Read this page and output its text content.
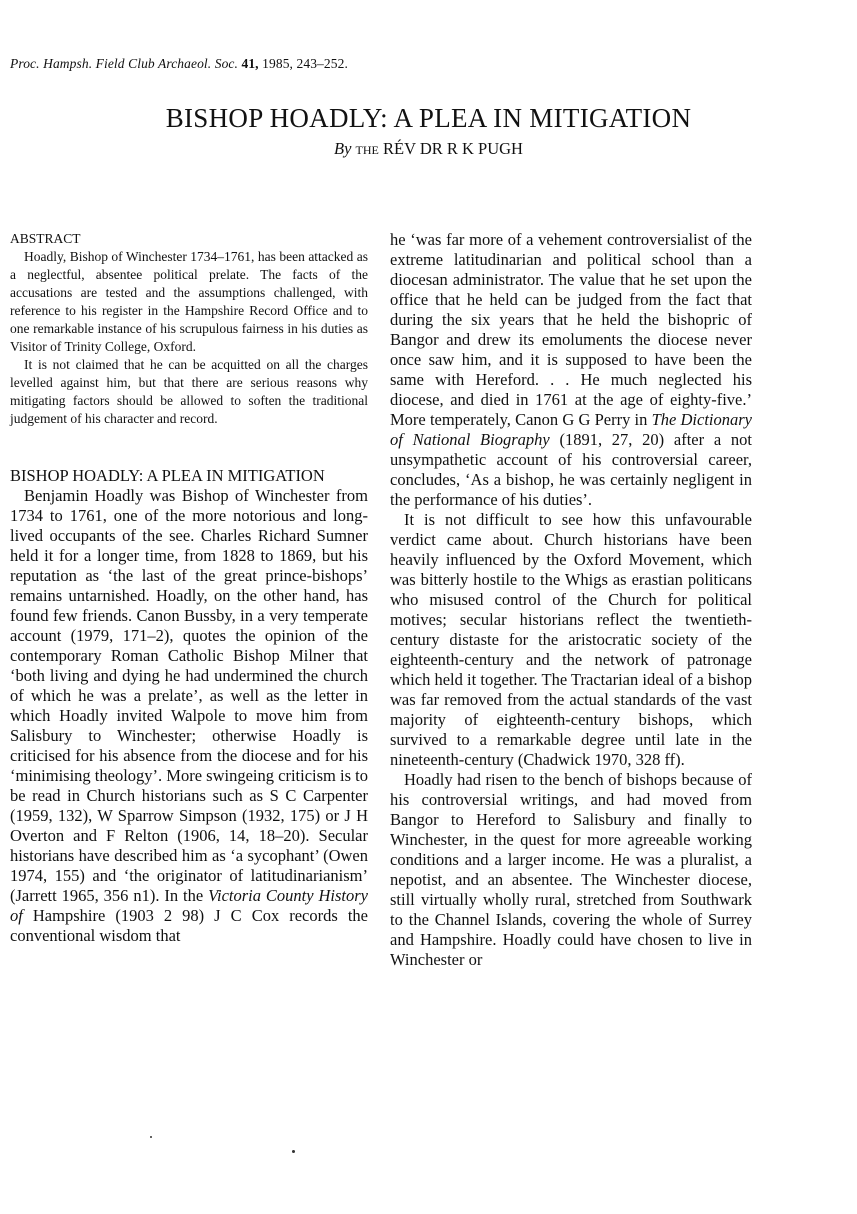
Proc. Hampsh. Field Club Archaeol. Soc. 41, 1985, 243–252.
BISHOP HOADLY: A PLEA IN MITIGATION
By the RÉV DR R K PUGH
ABSTRACT

Hoadly, Bishop of Winchester 1734–1761, has been attacked as a neglectful, absentee political prelate. The facts of the accusations are tested and the assumptions challenged, with reference to his register in the Hampshire Record Office and to one remarkable instance of his scrupulous fairness in his duties as Visitor of Trinity College, Oxford.

It is not claimed that he can be acquitted on all the charges levelled against him, but that there are serious reasons why mitigating factors should be allowed to soften the traditional judgement of his character and record.

BISHOP HOADLY: A PLEA IN MITIGATION

Benjamin Hoadly was Bishop of Winchester from 1734 to 1761, one of the more notorious and long-lived occupants of the see. Charles Richard Sumner held it for a longer time, from 1828 to 1869, but his reputation as ‘the last of the great prince-bishops’ remains untarnished. Hoadly, on the other hand, has found few friends. Canon Bussby, in a very temperate account (1979, 171–2), quotes the opinion of the contemporary Roman Catholic Bishop Milner that ‘both living and dying he had undermined the church of which he was a prelate’, as well as the letter in which Hoadly invited Walpole to move him from Salisbury to Winchester; otherwise Hoadly is criticised for his absence from the diocese and for his ‘minimising theology’. More swingeing criticism is to be read in Church historians such as S C Carpenter (1959, 132), W Sparrow Simpson (1932, 175) or J H Overton and F Relton (1906, 14, 18–20). Secular historians have described him as ‘a sycophant’ (Owen 1974, 155) and ‘the originator of latitudinarianism’ (Jarrett 1965, 356 n1). In the Victoria County History of Hampshire (1903 2 98) J C Cox records the conventional wisdom that

he ‘was far more of a vehement controversialist of the extreme latitudinarian and political school than a diocesan administrator. The value that he set upon the office that he held can be judged from the fact that during the six years that he held the bishopric of Bangor and drew its emoluments the diocese never once saw him, and it is supposed to have been the same with Hereford. . . He much neglected his diocese, and died in 1761 at the age of eighty-five.’ More temperately, Canon G G Perry in The Dictionary of National Biography (1891, 27, 20) after a not unsympathetic account of his controversial career, concludes, ‘As a bishop, he was certainly negligent in the performance of his duties’.

It is not difficult to see how this unfavourable verdict came about. Church historians have been heavily influenced by the Oxford Movement, which was bitterly hostile to the Whigs as erastian politicans who misused control of the Church for political motives; secular historians reflect the twentieth-century distaste for the aristocratic society of the eighteenth-century and the network of patronage which held it together. The Tractarian ideal of a bishop was far removed from the actual standards of the vast majority of eighteenth-century bishops, which survived to a remarkable degree until late in the nineteenth-century (Chadwick 1970, 328 ff).

Hoadly had risen to the bench of bishops because of his controversial writings, and had moved from Bangor to Hereford to Salisbury and finally to Winchester, in the quest for more agreeable working conditions and a larger income. He was a pluralist, a nepotist, and an absentee. The Winchester diocese, still virtually wholly rural, stretched from Southwark to the Channel Islands, covering the whole of Surrey and Hampshire. Hoadly could have chosen to live in Winchester or
